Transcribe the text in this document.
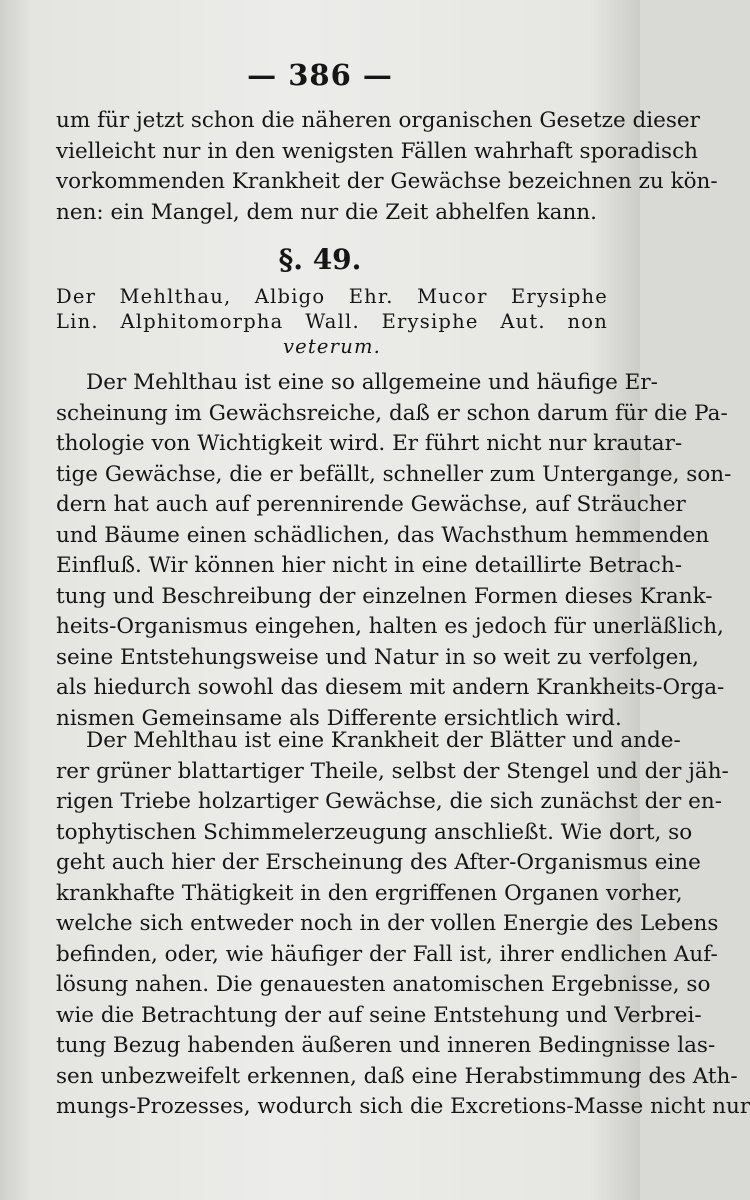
— 386 —
um für jetzt schon die näheren organischen Gesetze dieser
vielleicht nur in den wenigsten Fällen wahrhaft sporadisch
vorkommenden Krankheit der Gewächse bezeichnen zu kön-
nen: ein Mangel, dem nur die Zeit abhelfen kann.
§. 49.
Der Mehlthau, Albigo Ehr. Mucor Erysiphe
Lin. Alphitomorpha Wall. Erysiphe Aut. non
veterum.
Der Mehlthau ist eine so allgemeine und häufige Er-
scheinung im Gewächsreiche, daß er schon darum für die Pa-
thologie von Wichtigkeit wird. Er führt nicht nur krautar-
tige Gewächse, die er befällt, schneller zum Untergange, son-
dern hat auch auf perennirende Gewächse, auf Sträucher
und Bäume einen schädlichen, das Wachsthum hemmenden
Einfluß. Wir können hier nicht in eine detaillirte Betrach-
tung und Beschreibung der einzelnen Formen dieses Krank-
heits-Organismus eingehen, halten es jedoch für unerläßlich,
seine Entstehungsweise und Natur in so weit zu verfolgen,
als hiedurch sowohl das diesem mit andern Krankheits-Orga-
nismen Gemeinsame als Differente ersichtlich wird.
Der Mehlthau ist eine Krankheit der Blätter und ande-
rer grüner blattartiger Theile, selbst der Stengel und der jäh-
rigen Triebe holzartiger Gewächse, die sich zunächst der en-
tophytischen Schimmelerzeugung anschließt. Wie dort, so
geht auch hier der Erscheinung des After-Organismus eine
krankhafte Thätigkeit in den ergriffenen Organen vorher,
welche sich entweder noch in der vollen Energie des Lebens
befinden, oder, wie häufiger der Fall ist, ihrer endlichen Auf-
lösung nahen. Die genauesten anatomischen Ergebnisse, so
wie die Betrachtung der auf seine Entstehung und Verbrei-
tung Bezug habenden äußeren und inneren Bedingnisse las-
sen unbezweifelt erkennen, daß eine Herabstimmung des Ath-
mungs-Prozesses, wodurch sich die Excretions-Masse nicht nur
